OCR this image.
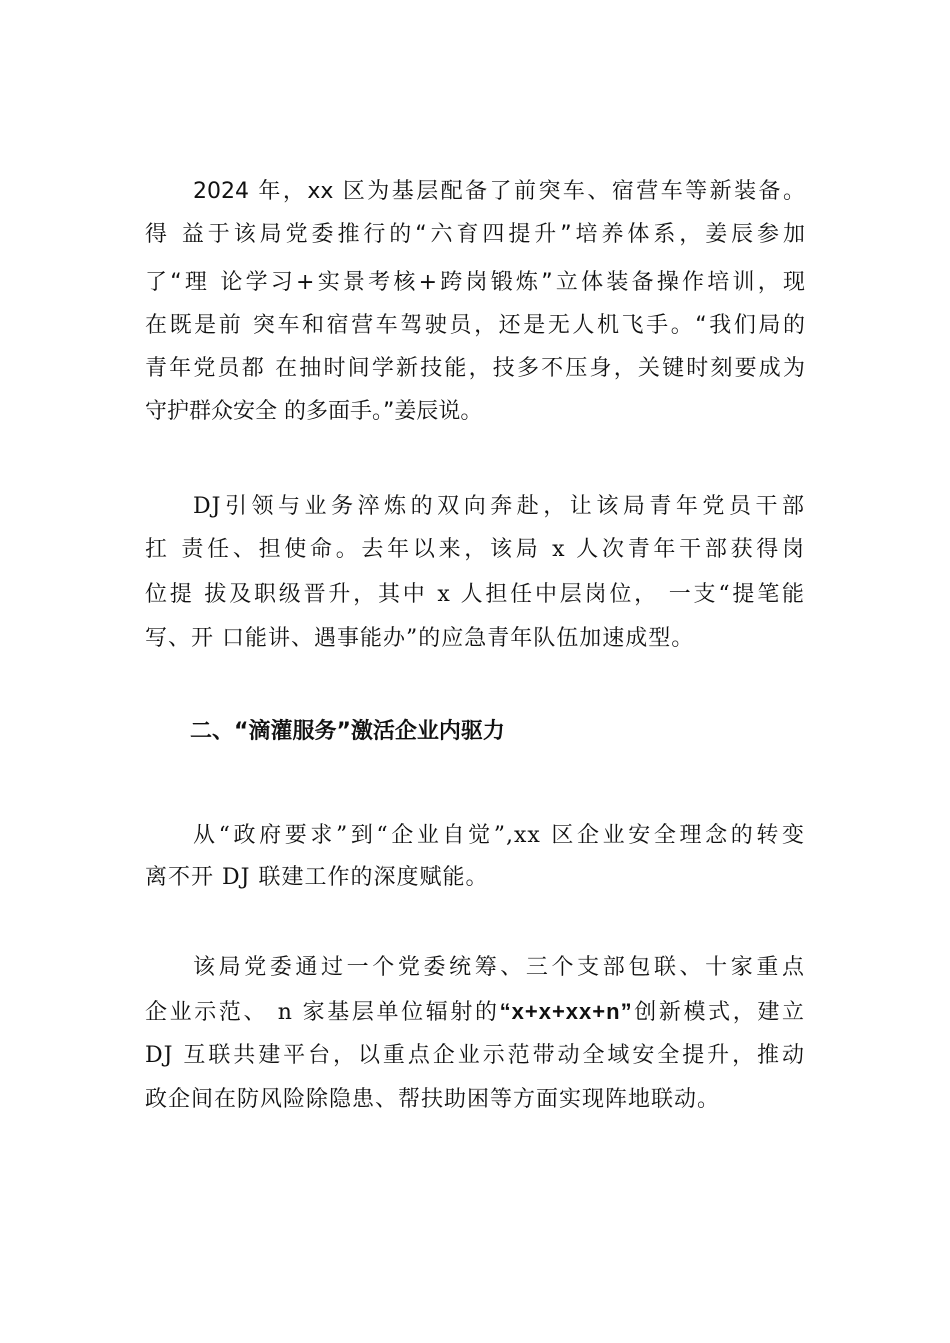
2024 年，xx 区为基层配备了前突车、宿营车等新装备。
得 益于该局党委推行的“六育四提升”培养体系，姜辰参加
了“理 论学习+实景考核+跨岗锻炼”立体装备操作培训，现
在既是前 突车和宿营车驾驶员，还是无人机飞手。“我们局的
青年党员都 在抽时间学新技能，技多不压身，关键时刻要成为
守护群众安全 的多面手。”姜辰说。
DJ引领与业务淬炼的双向奔赴，让该局青年党员干部
扛 责任、担使命。去年以来，该局 x 人次青年干部获得岗
位提 拔及职级晋升，其中 x 人担任中层岗位， 一支“提笔能
写、开 口能讲、遇事能办”的应急青年队伍加速成型。
二、“滴灌服务”激活企业内驱力
从“政府要求”到“企业自觉”,xx 区企业安全理念的转变
离不开 DJ 联建工作的深度赋能。
该局党委通过一个党委统筹、三个支部包联、十家重点
企业示范、 n 家基层单位辐射的“x+x+xx+n”创新模式，建立
DJ 互联共建平台，以重点企业示范带动全域安全提升，推动
政企间在防风险除隐患、帮扶助困等方面实现阵地联动。
